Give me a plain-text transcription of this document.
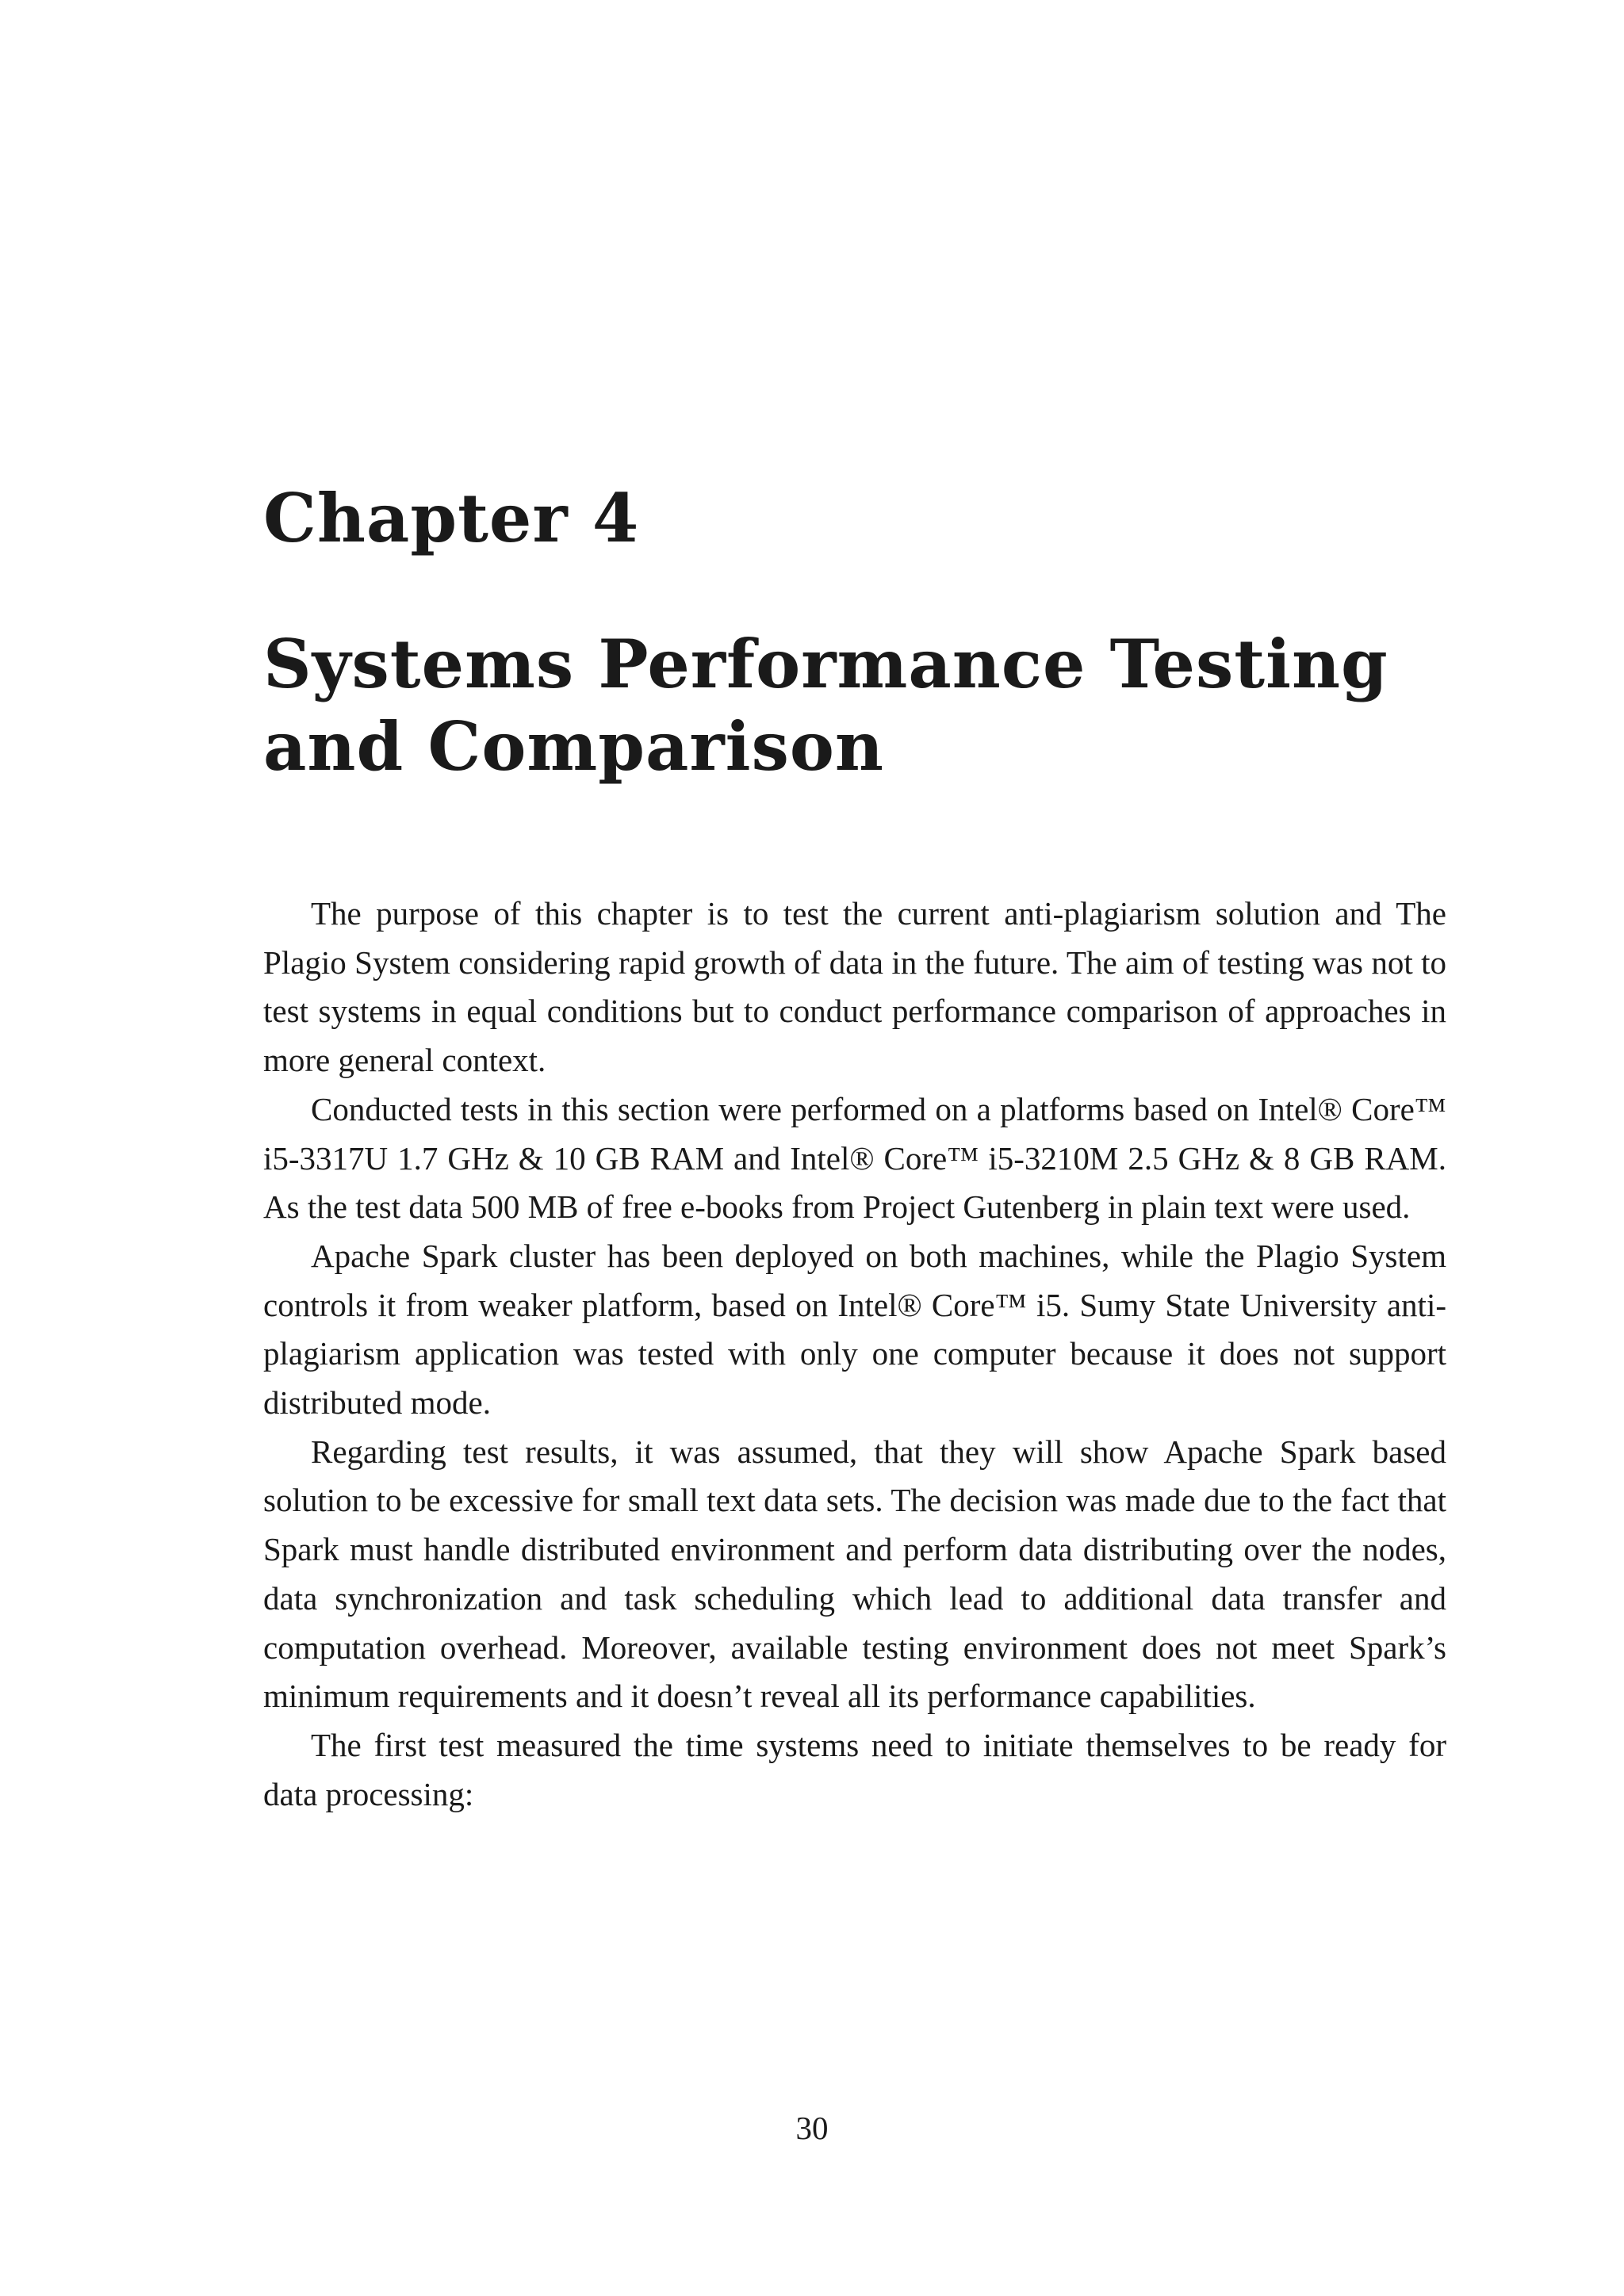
Chapter 4
Systems Performance Testing and Comparison

The purpose of this chapter is to test the current anti-plagiarism solution and The Plagio System considering rapid growth of data in the future. The aim of testing was not to test systems in equal conditions but to conduct performance comparison of approaches in more general context.

Conducted tests in this section were performed on a platforms based on Intel® Core™ i5-3317U 1.7 GHz & 10 GB RAM and Intel® Core™ i5-3210M 2.5 GHz & 8 GB RAM. As the test data 500 MB of free e-books from Project Gutenberg in plain text were used.

Apache Spark cluster has been deployed on both machines, while the Plagio System controls it from weaker platform, based on Intel® Core™ i5. Sumy State University anti-plagiarism application was tested with only one computer because it does not support distributed mode.

Regarding test results, it was assumed, that they will show Apache Spark based solution to be excessive for small text data sets. The decision was made due to the fact that Spark must handle distributed environment and perform data distributing over the nodes, data synchronization and task scheduling which lead to additional data transfer and computation overhead. Moreover, available testing environment does not meet Spark’s minimum requirements and it doesn’t reveal all its performance capabilities.

The first test measured the time systems need to initiate themselves to be ready for data processing:

30
